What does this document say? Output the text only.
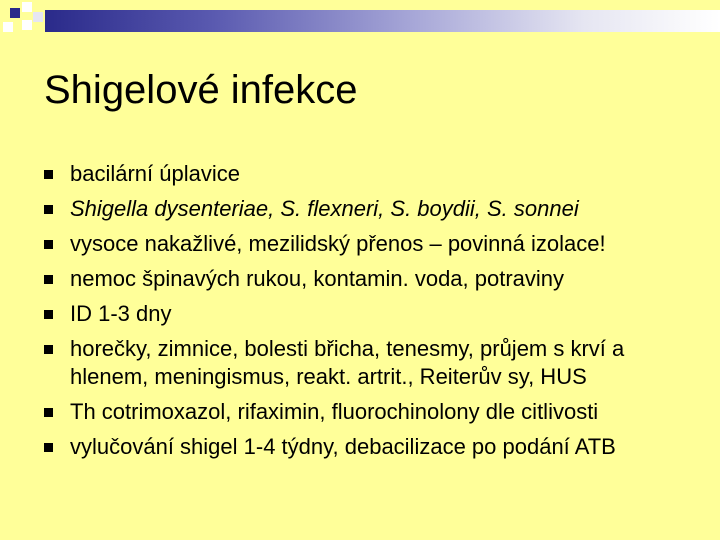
Shigelové infekce
bacilární úplavice
Shigella dysenteriae, S. flexneri, S. boydii, S. sonnei
vysoce nakažlivé, mezilidský přenos – povinná izolace!
nemoc špinavých rukou, kontamin. voda, potraviny
ID 1-3 dny
horečky, zimnice, bolesti břicha, tenesmy, průjem s krví a hlenem, meningismus, reakt. artrit., Reiterův sy, HUS
Th cotrimoxazol, rifaximin, fluorochinolony dle citlivosti
vylučování shigel 1-4 týdny, debacilizace po podání ATB
